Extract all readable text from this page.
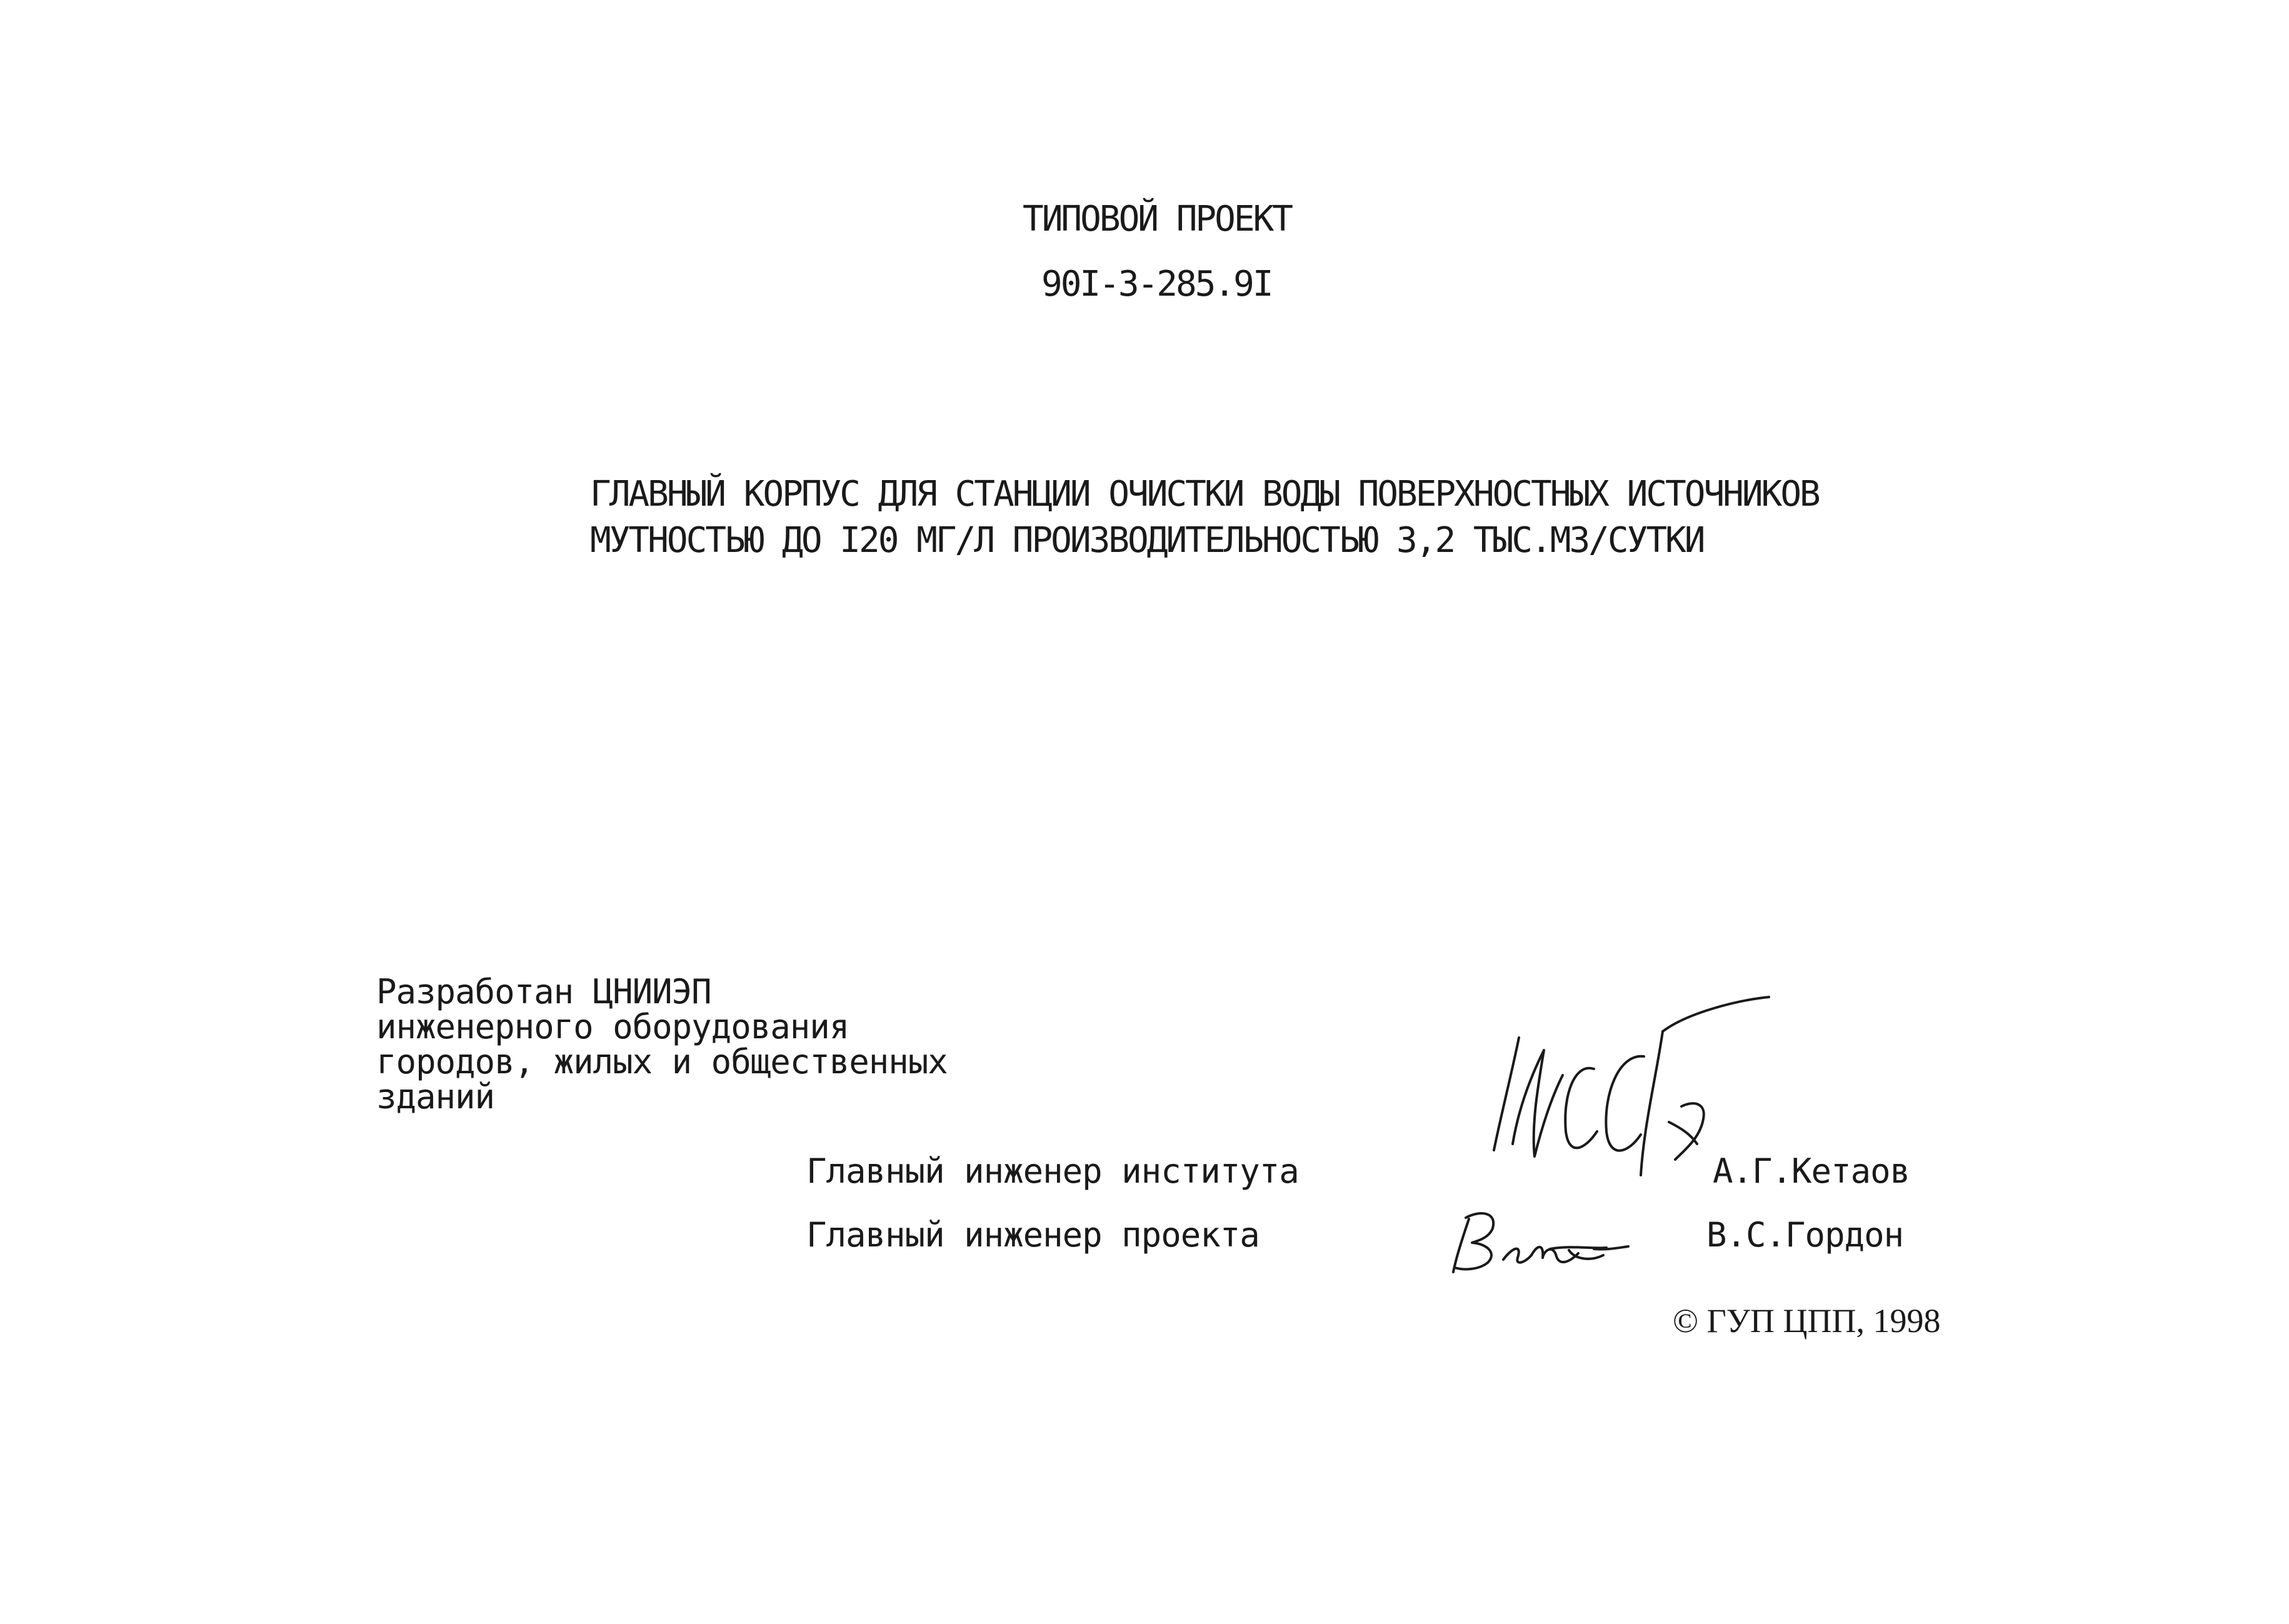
ТИПОВОЙ ПРОЕКТ
90I-3-285.9I
ГЛАВНЫЙ КОРПУС ДЛЯ СТАНЦИИ ОЧИСТКИ ВОДЫ ПОВЕРХНОСТНЫХ ИСТОЧНИКОВ
МУТНОСТЬЮ ДО I20 МГ/Л ПРОИЗВОДИТЕЛЬНОСТЬЮ 3,2 ТЫС.М3/СУТКИ
Разработан ЦНИИЭП
инженерного оборудования
городов, жилых и общественных
зданий
Главный инженер института
Главный инженер проекта
А.Г.Кетаов
В.С.Гордон
© ГУП ЦПП, 1998
